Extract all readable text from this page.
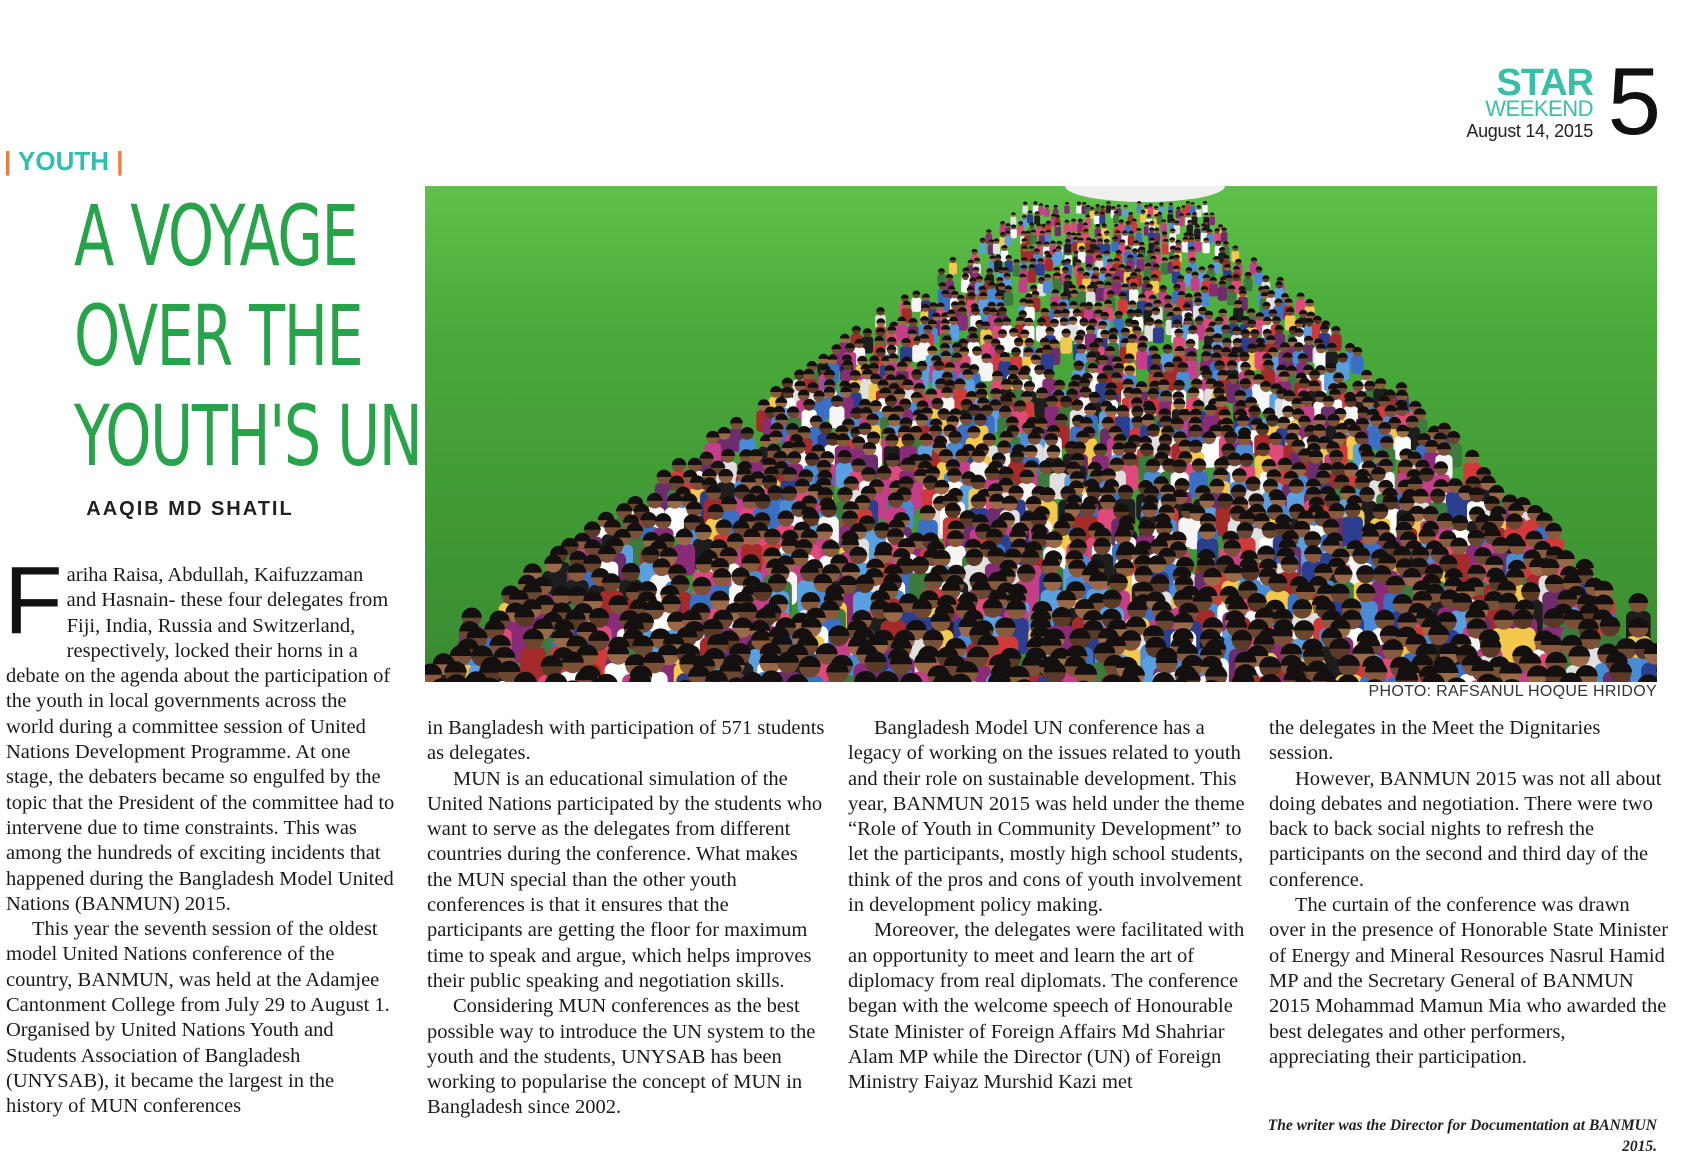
STAR
WEEKEND
August 14, 2015 5
| YOUTH |
A VOYAGE
OVER THE
YOUTH'S UN
AAQIB MD SHATIL
PHOTO: RAFSANUL HOQUE HRIDOY

Fariha Raisa, Abdullah, Kaifuzzaman and Hasnain- these four delegates from Fiji, India, Russia and Switzerland, respectively, locked their horns in a debate on the agenda about the participation of the youth in local governments across the world during a committee session of United Nations Development Programme. At one stage, the debaters became so engulfed by the topic that the President of the committee had to intervene due to time constraints. This was among the hundreds of exciting incidents that happened during the Bangladesh Model United Nations (BANMUN) 2015.

This year the seventh session of the oldest model United Nations conference of the country, BANMUN, was held at the Adamjee Cantonment College from July 29 to August 1. Organised by United Nations Youth and Students Association of Bangladesh (UNYSAB), it became the largest in the history of MUN conferences

in Bangladesh with participation of 571 students as delegates.

MUN is an educational simulation of the United Nations participated by the students who want to serve as the delegates from different countries during the conference. What makes the MUN special than the other youth conferences is that it ensures that the participants are getting the floor for maximum time to speak and argue, which helps improves their public speaking and negotiation skills.

Considering MUN conferences as the best possible way to introduce the UN system to the youth and the students, UNYSAB has been working to popularise the concept of MUN in Bangladesh since 2002.

Bangladesh Model UN conference has a legacy of working on the issues related to youth and their role on sustainable development. This year, BANMUN 2015 was held under the theme “Role of Youth in Community Development” to let the participants, mostly high school students, think of the pros and cons of youth involvement in development policy making.

Moreover, the delegates were facilitated with an opportunity to meet and learn the art of diplomacy from real diplomats. The conference began with the welcome speech of Honourable State Minister of Foreign Affairs Md Shahriar Alam MP while the Director (UN) of Foreign Ministry Faiyaz Murshid Kazi met

the delegates in the Meet the Dignitaries session.

However, BANMUN 2015 was not all about doing debates and negotiation. There were two back to back social nights to refresh the participants on the second and third day of the conference.

The curtain of the conference was drawn over in the presence of Honorable State Minister of Energy and Mineral Resources Nasrul Hamid MP and the Secretary General of BANMUN 2015 Mohammad Mamun Mia who awarded the best delegates and other performers, appreciating their participation.

The writer was the Director for Documentation at BANMUN 2015.
